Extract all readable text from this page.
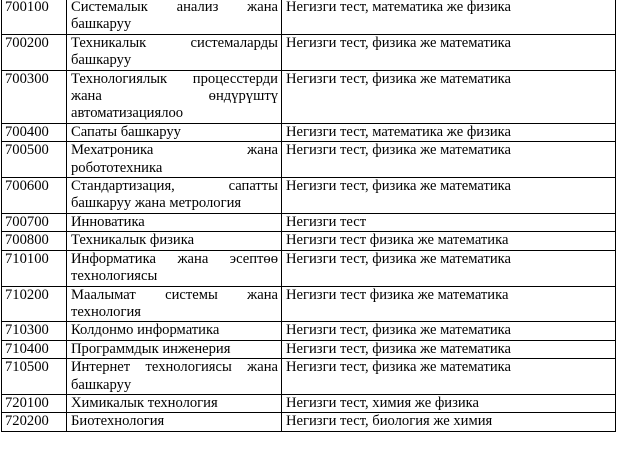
700100	Системалык анализ жана башкаруу	Негизги тест, математика же физика
700200	Техникалык системаларды башкаруу	Негизги тест, физика же математика
700300	Технологиялык процесстерди жана өндүрүштү автоматизациялоо	Негизги тест, физика же математика
700400	Сапаты башкаруу	Негизги тест, математика же физика
700500	Мехатроника жана робототехника	Негизги тест, физика же математика
700600	Стандартизация, сапатты башкаруу жана метрология	Негизги тест, физика же математика
700700	Инноватика	Негизги тест
700800	Техникалык физика	Негизги тест физика же математика
710100	Информатика жана эсептөө технологиясы	Негизги тест, физика же математика
710200	Маалымат системы жана технология	Негизги тест физика же математика
710300	Колдонмо информатика	Негизги тест, физика же математика
710400	Программдык инженерия	Негизги тест, физика же математика
710500	Интернет технологиясы жана башкаруу	Негизги тест, физика же математика
720100	Химикалык технология	Негизги тест, химия же физика
720200	Биотехнология	Негизги тест, биология же химия
